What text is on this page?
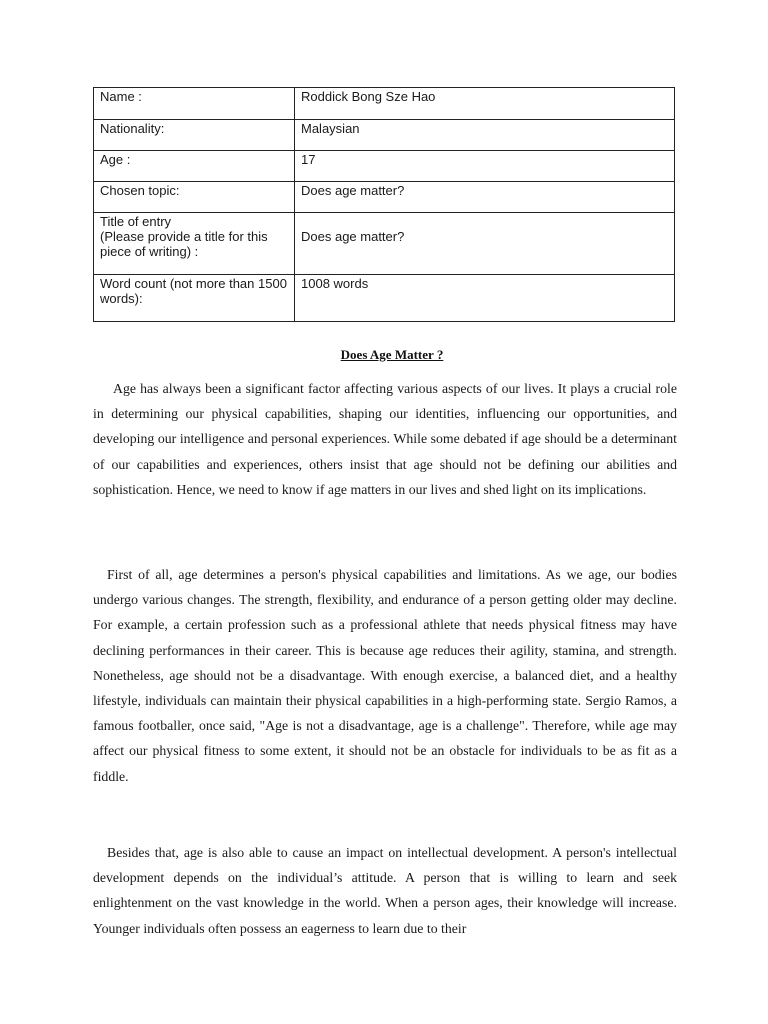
Name :	Roddick Bong Sze Hao
Nationality:	Malaysian
Age :	17
Chosen topic:	Does age matter?

Title of entry
(Please provide a title for this piece of writing) :	Does age matter?
Word count (not more than 1500 words):	1008 words
Does Age Matter ?

Age has always been a significant factor affecting various aspects of our lives. It plays a crucial role in determining our physical capabilities, shaping our identities, influencing our opportunities, and developing our intelligence and personal experiences. While some debated if age should be a determinant of our capabilities and experiences, others insist that age should not be defining our abilities and sophistication. Hence, we need to know if age matters in our lives and shed light on its implications.

First of all, age determines a person's physical capabilities and limitations. As we age, our bodies undergo various changes. The strength, flexibility, and endurance of a person getting older may decline. For example, a certain profession such as a professional athlete that needs physical fitness may have declining performances in their career. This is because age reduces their agility, stamina, and strength. Nonetheless, age should not be a disadvantage. With enough exercise, a balanced diet, and a healthy lifestyle, individuals can maintain their physical capabilities in a high-performing state. Sergio Ramos, a famous footballer, once said, "Age is not a disadvantage, age is a challenge". Therefore, while age may affect our physical fitness to some extent, it should not be an obstacle for individuals to be as fit as a fiddle.

Besides that, age is also able to cause an impact on intellectual development. A person's intellectual development depends on the individual’s attitude. A person that is willing to learn and seek enlightenment on the vast knowledge in the world. When a person ages, their knowledge will increase. Younger individuals often possess an eagerness to learn due to their
